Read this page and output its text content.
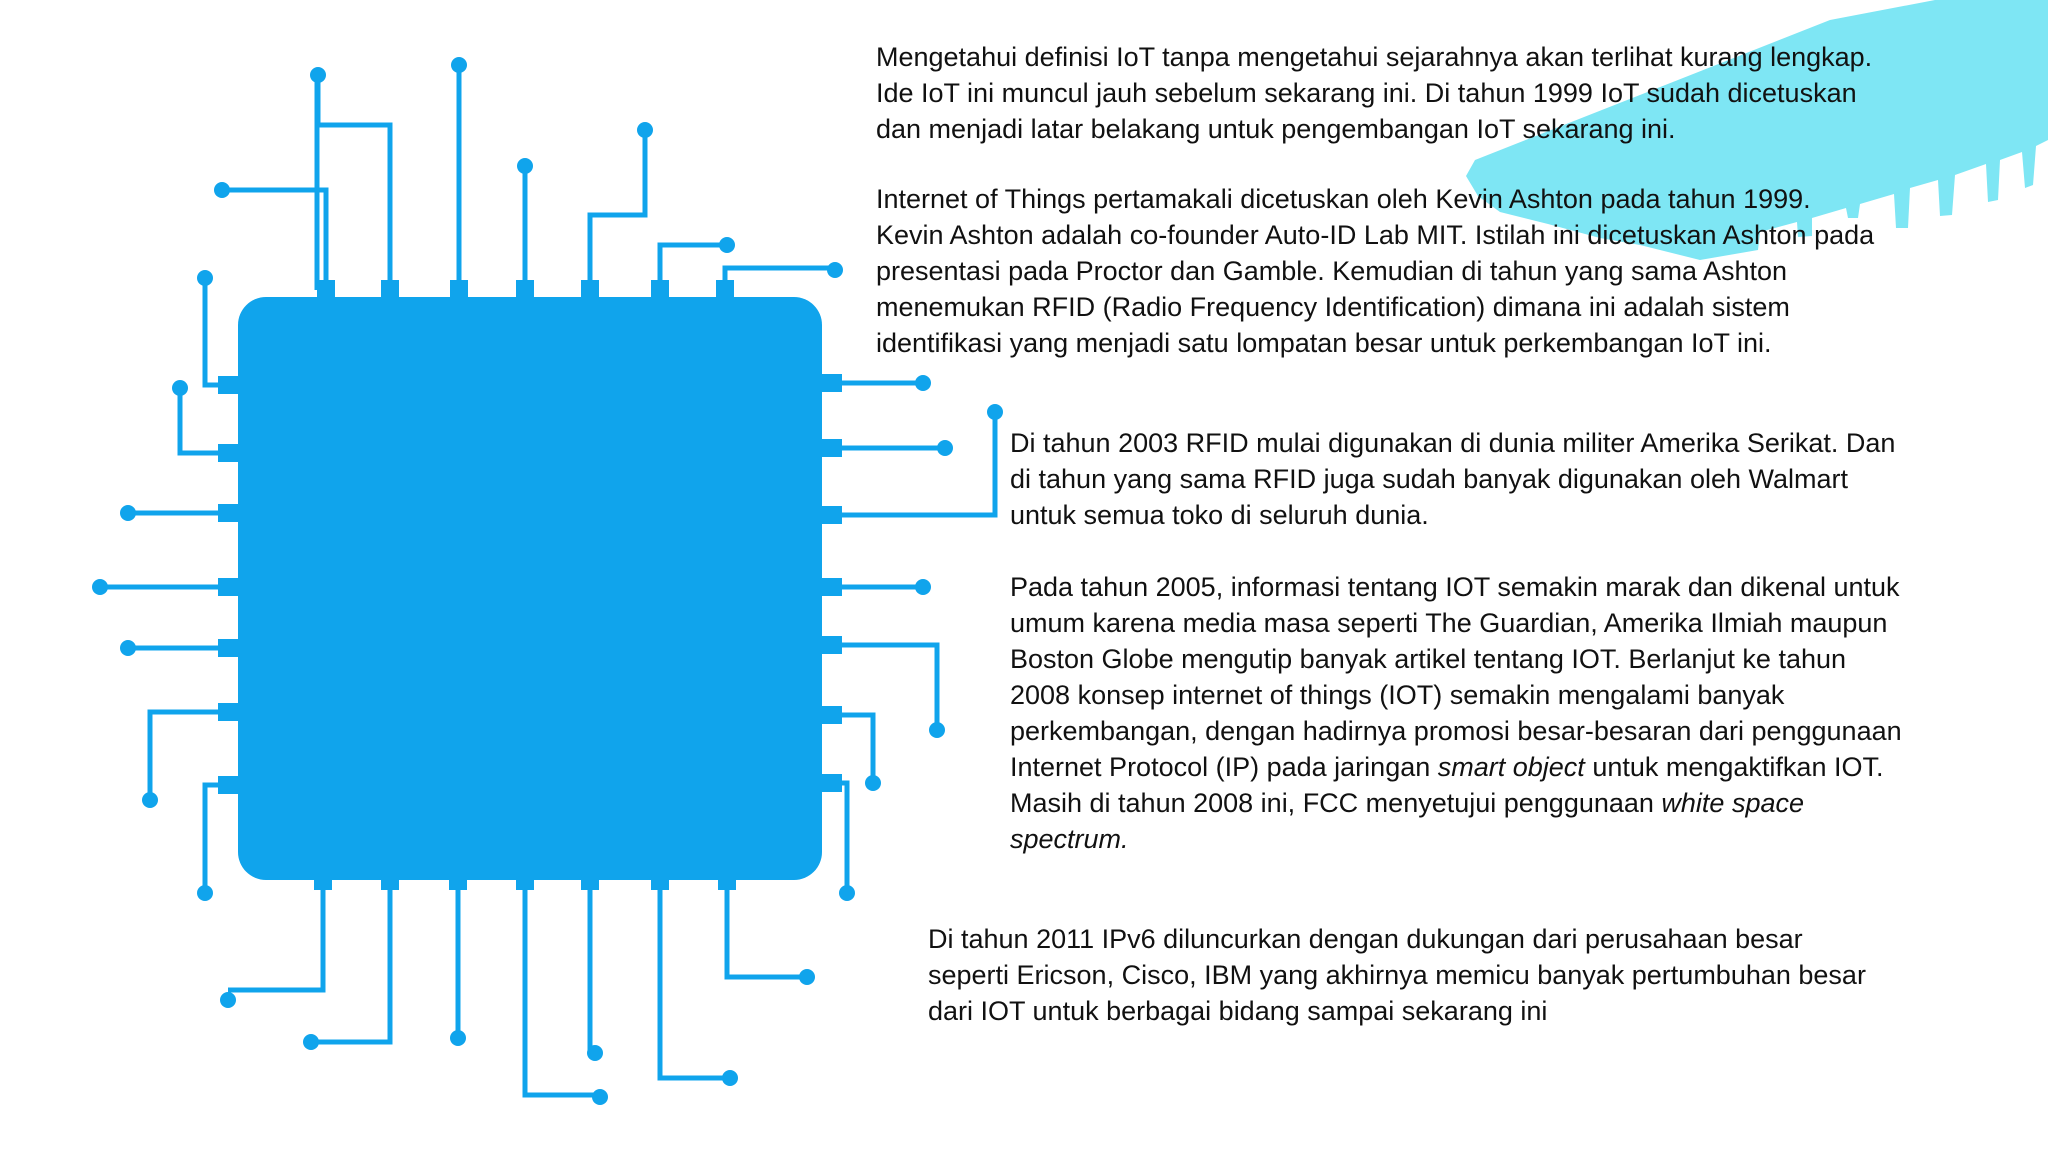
Mengetahui definisi IoT tanpa mengetahui sejarahnya akan terlihat kurang lengkap.
Ide IoT ini muncul jauh sebelum sekarang ini. Di tahun 1999 IoT sudah dicetuskan
dan menjadi latar belakang untuk pengembangan IoT sekarang ini.

Internet of Things pertamakali dicetuskan oleh Kevin Ashton pada tahun 1999.
Kevin Ashton adalah co-founder Auto-ID Lab MIT. Istilah ini dicetuskan Ashton pada
presentasi pada Proctor dan Gamble. Kemudian di tahun yang sama Ashton
menemukan RFID (Radio Frequency Identification) dimana ini adalah sistem
identifikasi yang menjadi satu lompatan besar untuk perkembangan IoT ini.

Di tahun 2003 RFID mulai digunakan di dunia militer Amerika Serikat. Dan
di tahun yang sama RFID juga sudah banyak digunakan oleh Walmart
untuk semua toko di seluruh dunia.

Pada tahun 2005, informasi tentang IOT semakin marak dan dikenal untuk
umum karena media masa seperti The Guardian, Amerika Ilmiah maupun
Boston Globe mengutip banyak artikel tentang IOT. Berlanjut ke tahun
2008 konsep internet of things (IOT) semakin mengalami banyak
perkembangan, dengan hadirnya promosi besar-besaran dari penggunaan
Internet Protocol (IP) pada jaringan smart object untuk mengaktifkan IOT.
Masih di tahun 2008 ini, FCC menyetujui penggunaan white space
spectrum.

Di tahun 2011 IPv6 diluncurkan dengan dukungan dari perusahaan besar
seperti Ericson, Cisco, IBM yang akhirnya memicu banyak pertumbuhan besar
dari IOT untuk berbagai bidang sampai sekarang ini
